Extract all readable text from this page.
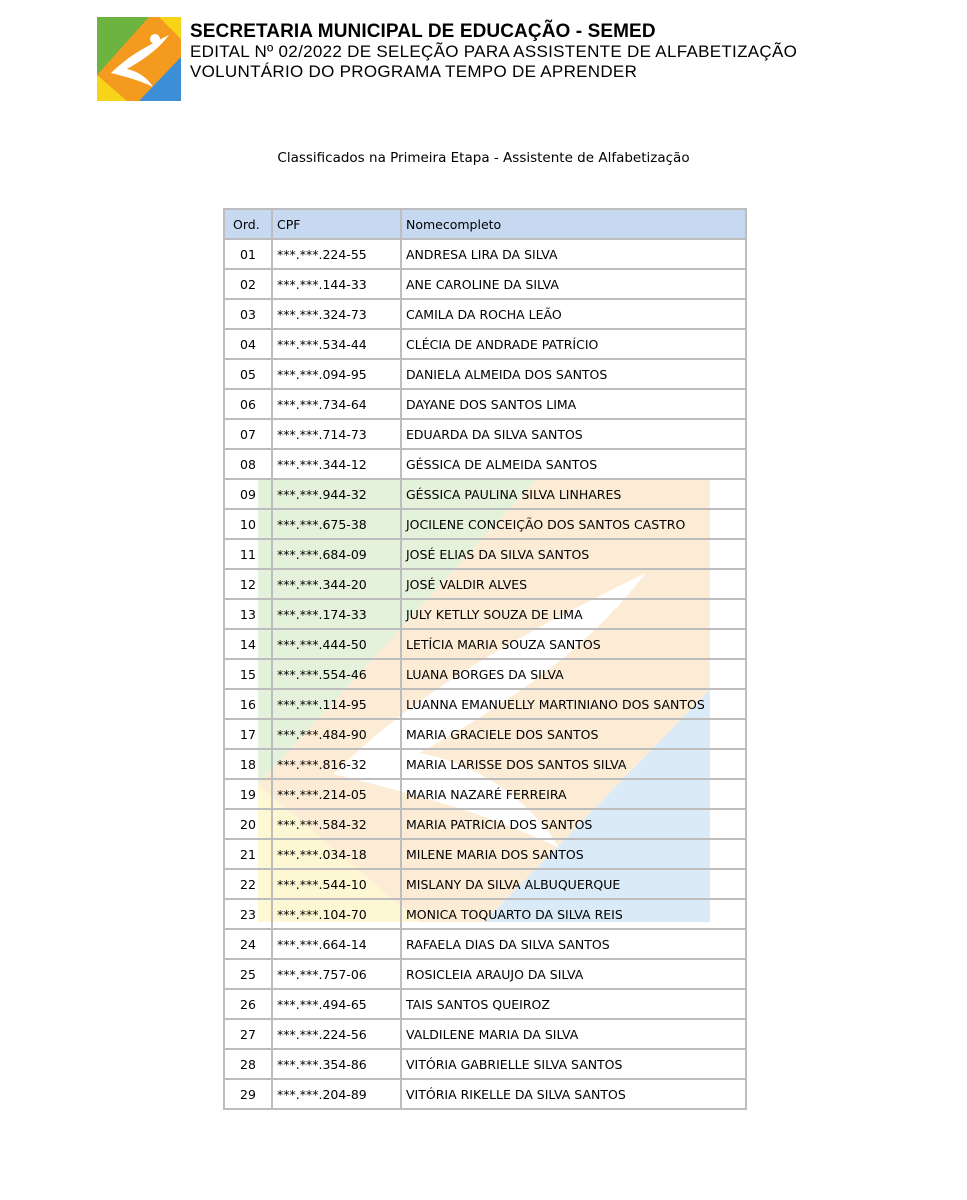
SECRETARIA MUNICIPAL DE EDUCAÇÃO - SEMED
EDITAL Nº 02/2022 DE SELEÇÃO PARA ASSISTENTE DE ALFABETIZAÇÃO
VOLUNTÁRIO DO PROGRAMA TEMPO DE APRENDER
Classificados na Primeira Etapa - Assistente de Alfabetização
Ord.	CPF	Nomecompleto
01	***.***.224-55	ANDRESA LIRA DA SILVA
02	***.***.144-33	ANE CAROLINE DA SILVA
03	***.***.324-73	CAMILA DA ROCHA LEÃO
04	***.***.534-44	CLÉCIA DE ANDRADE PATRÍCIO
05	***.***.094-95	DANIELA ALMEIDA DOS SANTOS
06	***.***.734-64	DAYANE DOS SANTOS LIMA
07	***.***.714-73	EDUARDA DA SILVA SANTOS
08	***.***.344-12	GÉSSICA DE ALMEIDA SANTOS
09	***.***.944-32	GÉSSICA PAULINA SILVA LINHARES
10	***.***.675-38	JOCILENE CONCEIÇÃO DOS SANTOS CASTRO
11	***.***.684-09	JOSÉ ELIAS DA SILVA SANTOS
12	***.***.344-20	JOSÉ VALDIR ALVES
13	***.***.174-33	JULY KETLLY SOUZA DE LIMA
14	***.***.444-50	LETÍCIA MARIA SOUZA SANTOS
15	***.***.554-46	LUANA BORGES DA SILVA
16	***.***.114-95	LUANNA EMANUELLY MARTINIANO DOS SANTOS
17	***.***.484-90	MARIA GRACIELE DOS SANTOS
18	***.***.816-32	MARIA LARISSE DOS SANTOS SILVA
19	***.***.214-05	MARIA NAZARÉ FERREIRA
20	***.***.584-32	MARIA PATRICIA DOS SANTOS
21	***.***.034-18	MILENE MARIA DOS SANTOS
22	***.***.544-10	MISLANY DA SILVA ALBUQUERQUE
23	***.***.104-70	MONICA TOQUARTO DA SILVA REIS
24	***.***.664-14	RAFAELA DIAS DA SILVA SANTOS
25	***.***.757-06	ROSICLEIA ARAUJO DA SILVA
26	***.***.494-65	TAIS SANTOS QUEIROZ
27	***.***.224-56	VALDILENE MARIA DA SILVA
28	***.***.354-86	VITÓRIA GABRIELLE SILVA SANTOS
29	***.***.204-89	VITÓRIA RIKELLE DA SILVA SANTOS
